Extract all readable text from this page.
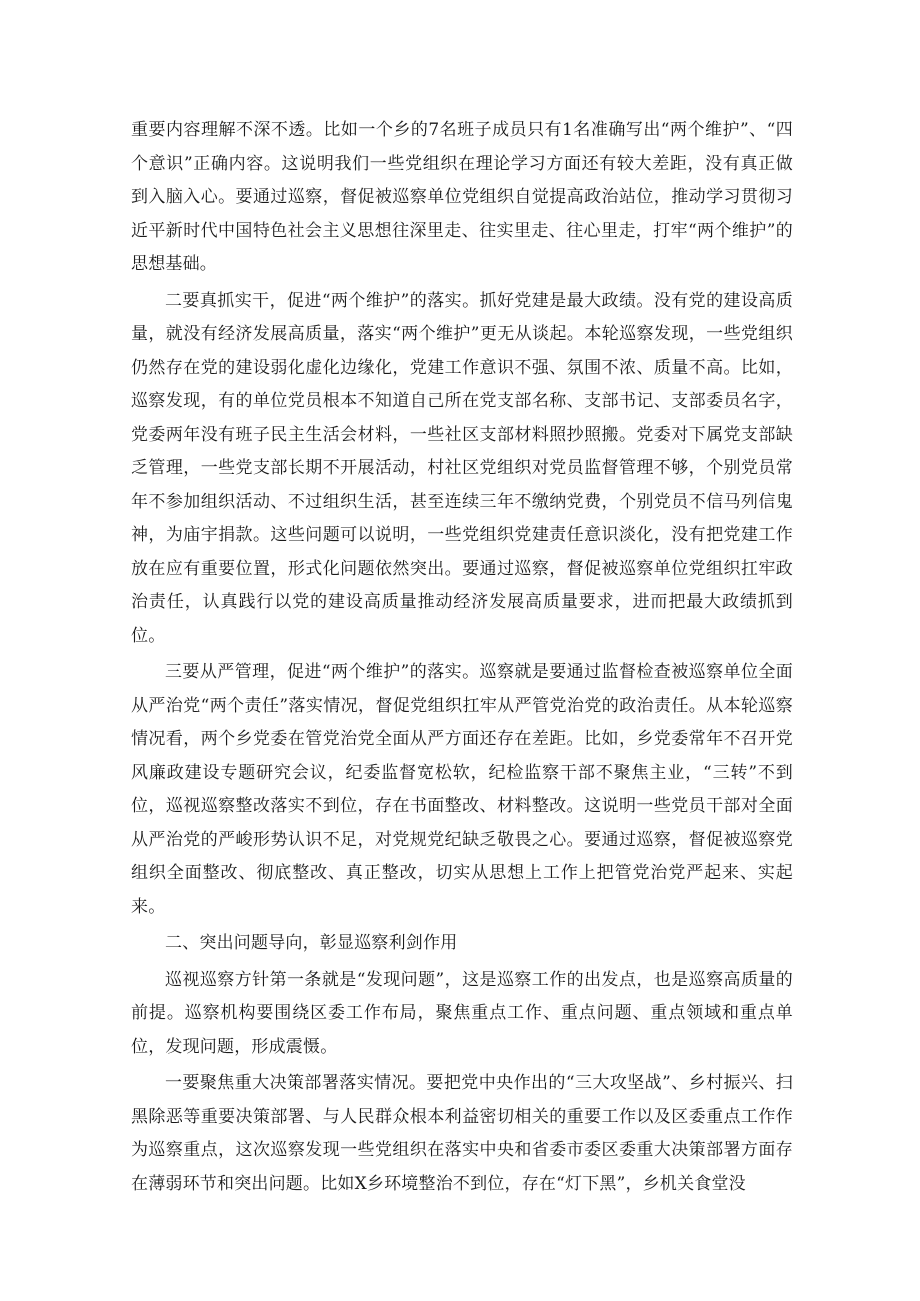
重要内容理解不深不透。比如一个乡的7名班子成员只有1名准确写出“两个维护”、“四个意识”正确内容。这说明我们一些党组织在理论学习方面还有较大差距，没有真正做到入脑入心。要通过巡察，督促被巡察单位党组织自觉提高政治站位，推动学习贯彻习近平新时代中国特色社会主义思想往深里走、往实里走、往心里走，打牢“两个维护”的思想基础。

二要真抓实干，促进“两个维护”的落实。抓好党建是最大政绩。没有党的建设高质量，就没有经济发展高质量，落实“两个维护”更无从谈起。本轮巡察发现，一些党组织仍然存在党的建设弱化虚化边缘化，党建工作意识不强、氛围不浓、质量不高。比如，巡察发现，有的单位党员根本不知道自己所在党支部名称、支部书记、支部委员名字，党委两年没有班子民主生活会材料，一些社区支部材料照抄照搬。党委对下属党支部缺乏管理，一些党支部长期不开展活动，村社区党组织对党员监督管理不够，个别党员常年不参加组织活动、不过组织生活，甚至连续三年不缴纳党费，个别党员不信马列信鬼神，为庙宇捐款。这些问题可以说明，一些党组织党建责任意识淡化，没有把党建工作放在应有重要位置，形式化问题依然突出。要通过巡察，督促被巡察单位党组织扛牢政治责任，认真践行以党的建设高质量推动经济发展高质量要求，进而把最大政绩抓到位。

三要从严管理，促进“两个维护”的落实。巡察就是要通过监督检查被巡察单位全面从严治党“两个责任”落实情况，督促党组织扛牢从严管党治党的政治责任。从本轮巡察情况看，两个乡党委在管党治党全面从严方面还存在差距。比如，乡党委常年不召开党风廉政建设专题研究会议，纪委监督宽松软，纪检监察干部不聚焦主业，“三转”不到位，巡视巡察整改落实不到位，存在书面整改、材料整改。这说明一些党员干部对全面从严治党的严峻形势认识不足，对党规党纪缺乏敬畏之心。要通过巡察，督促被巡察党组织全面整改、彻底整改、真正整改，切实从思想上工作上把管党治党严起来、实起来。

二、突出问题导向，彰显巡察利剑作用

巡视巡察方针第一条就是“发现问题”，这是巡察工作的出发点，也是巡察高质量的前提。巡察机构要围绕区委工作布局，聚焦重点工作、重点问题、重点领域和重点单位，发现问题，形成震慑。

一要聚焦重大决策部署落实情况。要把党中央作出的“三大攻坚战”、乡村振兴、扫黑除恶等重要决策部署、与人民群众根本利益密切相关的重要工作以及区委重点工作作为巡察重点，这次巡察发现一些党组织在落实中央和省委市委区委重大决策部署方面存在薄弱环节和突出问题。比如X乡环境整治不到位，存在“灯下黑”，乡机关食堂没
